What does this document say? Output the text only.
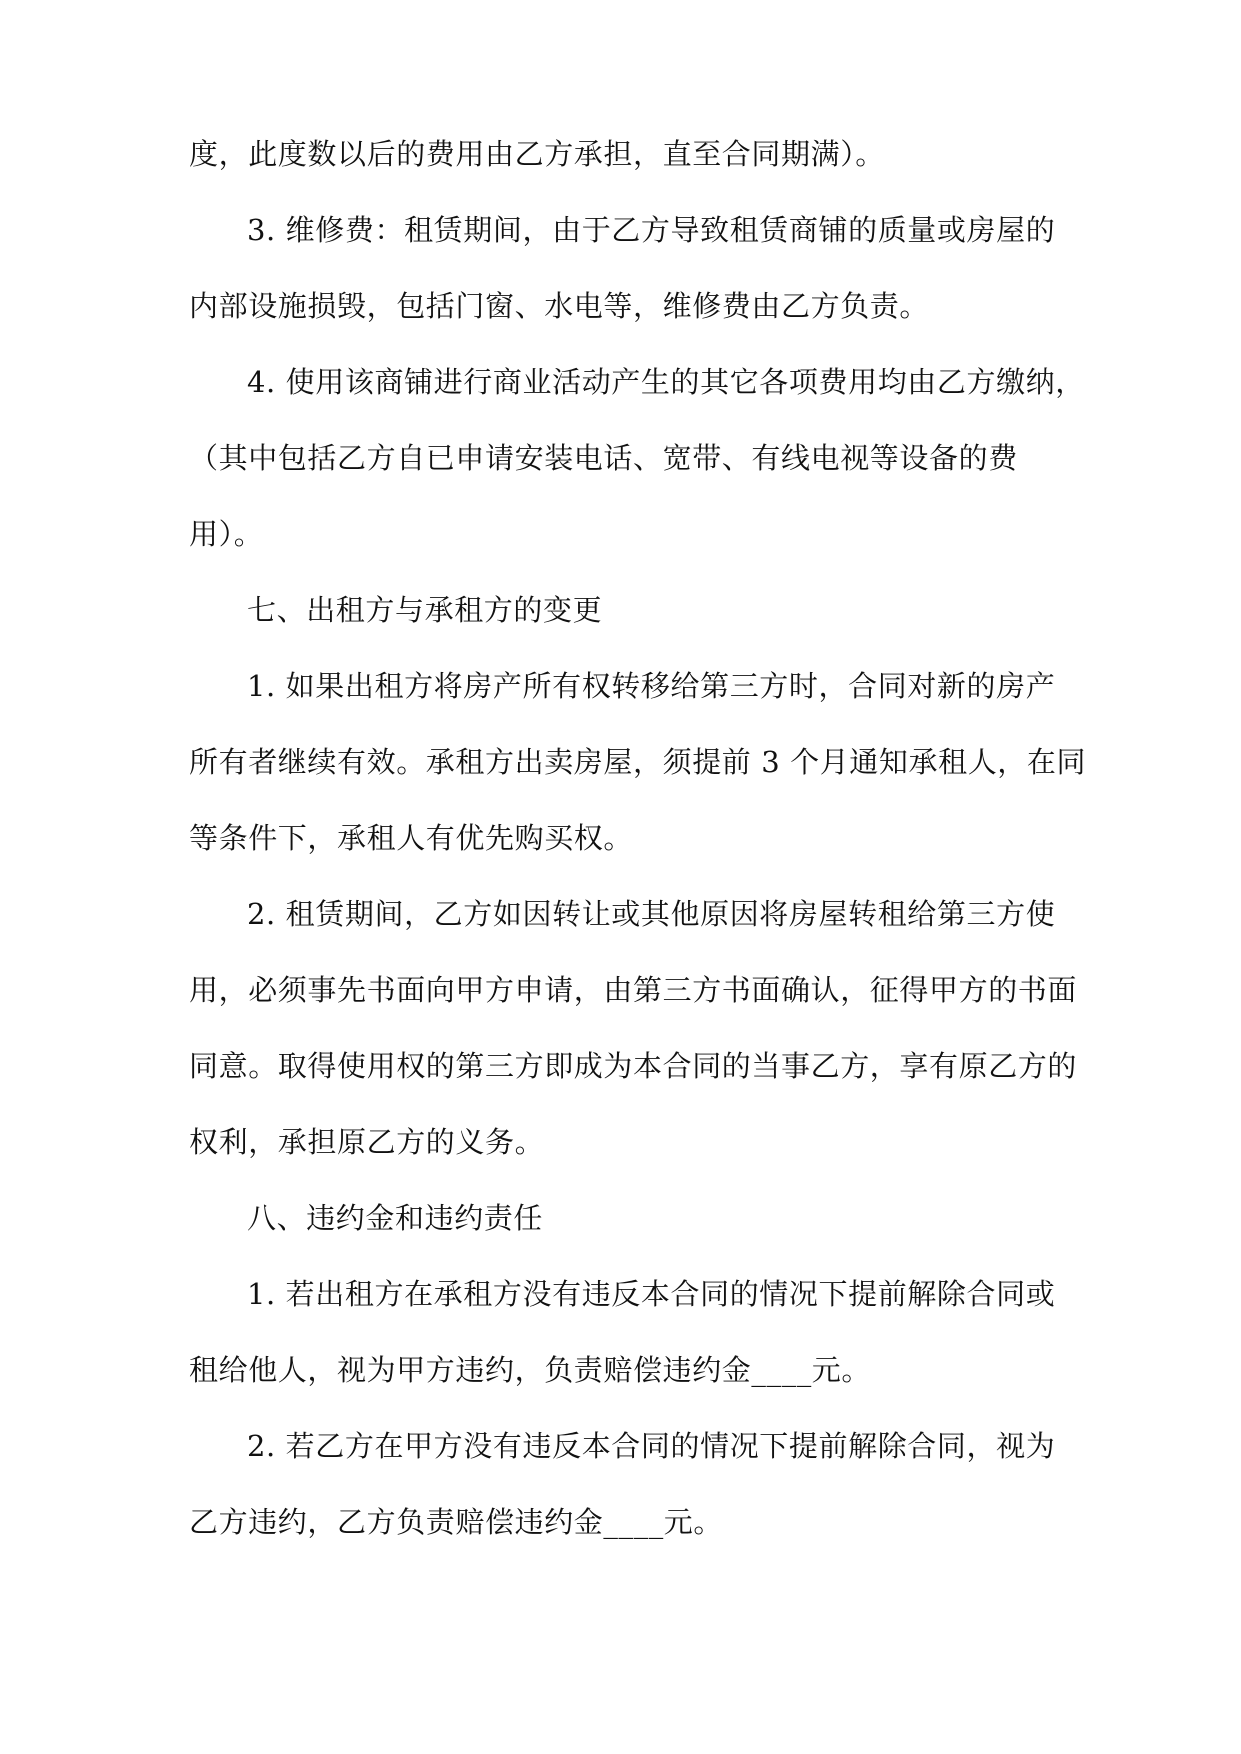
度，此度数以后的费用由乙方承担，直至合同期满）。

3. 维修费：租赁期间，由于乙方导致租赁商铺的质量或房屋的

内部设施损毁，包括门窗、水电等，维修费由乙方负责。

4. 使用该商铺进行商业活动产生的其它各项费用均由乙方缴纳，

（其中包括乙方自已申请安装电话、宽带、有线电视等设备的费

用）。

七、出租方与承租方的变更

1. 如果出租方将房产所有权转移给第三方时，合同对新的房产

所有者继续有效。承租方出卖房屋，须提前 3 个月通知承租人，在同

等条件下，承租人有优先购买权。

2. 租赁期间，乙方如因转让或其他原因将房屋转租给第三方使

用，必须事先书面向甲方申请，由第三方书面确认，征得甲方的书面

同意。取得使用权的第三方即成为本合同的当事乙方，享有原乙方的

权利，承担原乙方的义务。

八、违约金和违约责任

1. 若出租方在承租方没有违反本合同的情况下提前解除合同或

租给他人，视为甲方违约，负责赔偿违约金____元。

2. 若乙方在甲方没有违反本合同的情况下提前解除合同，视为

乙方违约，乙方负责赔偿违约金____元。
